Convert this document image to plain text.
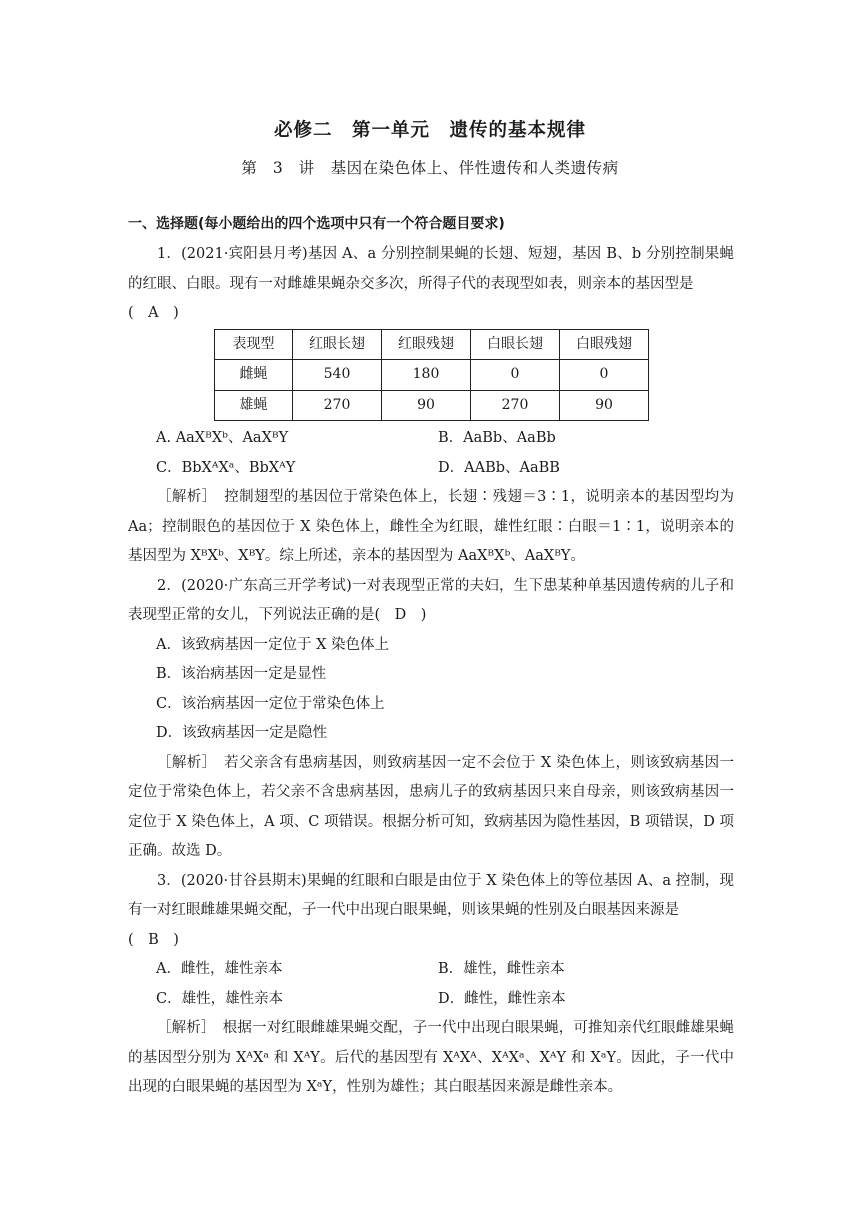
必修二　第一单元　遗传的基本规律
第 3 讲　基因在染色体上、伴性遗传和人类遗传病
一、选择题(每小题给出的四个选项中只有一个符合题目要求)

1．(2021·宾阳县月考)基因 A、a 分别控制果蝇的长翅、短翅，基因 B、b 分别控制果蝇的红眼、白眼。现有一对雌雄果蝇杂交多次，所得子代的表现型如表，则亲本的基因型是

(　A　)

表现型	红眼长翅	红眼残翅	白眼长翅	白眼残翅
雌蝇	540	180	0	0
雄蝇	270	90	270	90
A. AaXᴮXᵇ、AaXᴮY	B．AaBb、AaBb
C．BbXᴬXᵃ、BbXᴬY	D．AABb、AaBB

［解析］　控制翅型的基因位于常染色体上，长翅∶残翅＝3∶1，说明亲本的基因型均为Aa；控制眼色的基因位于 X 染色体上，雌性全为红眼，雄性红眼∶白眼＝1∶1，说明亲本的基因型为 XᴮXᵇ、XᴮY。综上所述，亲本的基因型为 AaXᴮXᵇ、AaXᴮY。

2．(2020·广东高三开学考试)一对表现型正常的夫妇，生下患某种单基因遗传病的儿子和表现型正常的女儿，下列说法正确的是(　D　)

A．该致病基因一定位于 X 染色体上
B．该治病基因一定是显性
C．该治病基因一定位于常染色体上
D．该致病基因一定是隐性

［解析］　若父亲含有患病基因，则致病基因一定不会位于 X 染色体上，则该致病基因一定位于常染色体上，若父亲不含患病基因，患病儿子的致病基因只来自母亲，则该致病基因一定位于 X 染色体上，A 项、C 项错误。根据分析可知，致病基因为隐性基因，B 项错误，D 项正确。故选 D。

3．(2020·甘谷县期末)果蝇的红眼和白眼是由位于 X 染色体上的等位基因 A、a 控制，现有一对红眼雌雄果蝇交配，子一代中出现白眼果蝇，则该果蝇的性别及白眼基因来源是

(　B　)

A．雌性，雄性亲本	B．雄性，雌性亲本
C．雄性，雄性亲本	D．雌性，雌性亲本

［解析］　根据一对红眼雌雄果蝇交配，子一代中出现白眼果蝇，可推知亲代红眼雌雄果蝇的基因型分别为 XᴬXᵃ 和 XᴬY。后代的基因型有 XᴬXᴬ、XᴬXᵃ、XᴬY 和 XᵃY。因此，子一代中出现的白眼果蝇的基因型为 XᵃY，性别为雄性；其白眼基因来源是雌性亲本。
